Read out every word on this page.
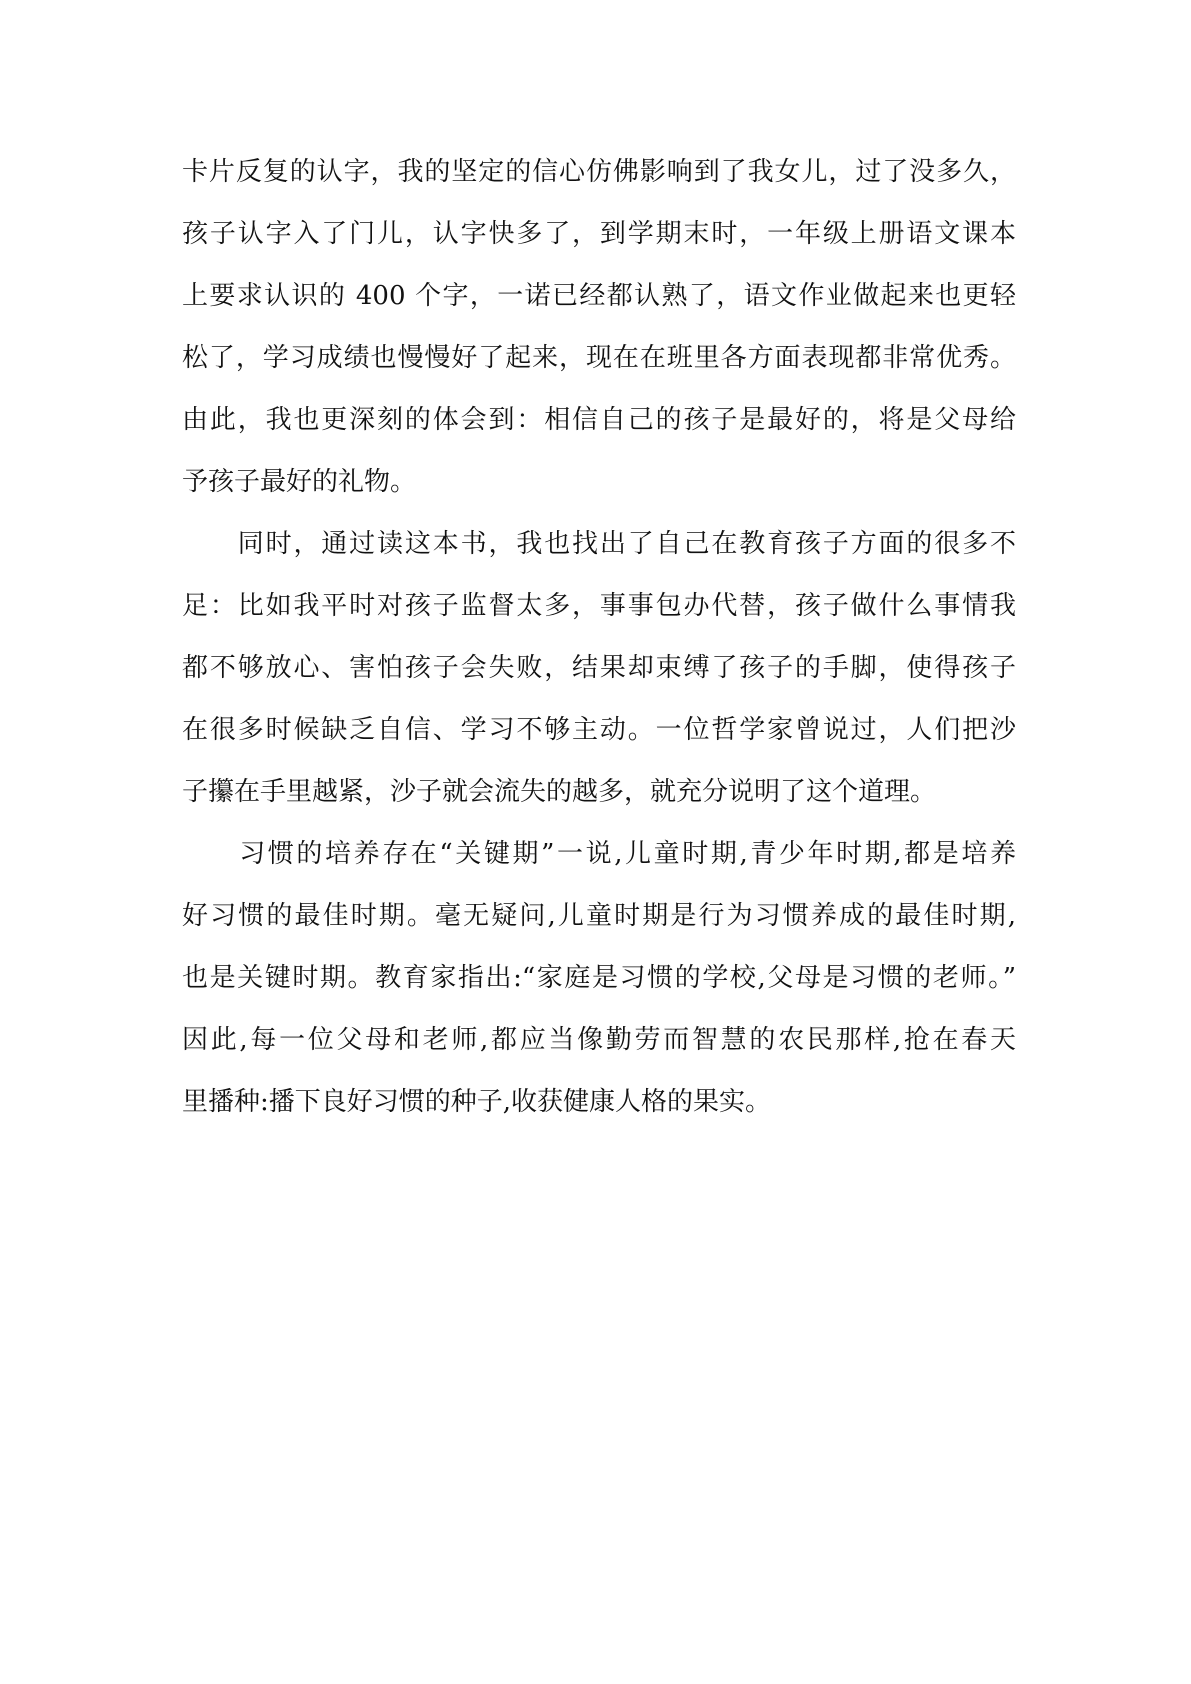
卡片反复的认字，我的坚定的信心仿佛影响到了我女儿，过了没多久，
孩子认字入了门儿，认字快多了，到学期末时，一年级上册语文课本
上要求认识的 400 个字，一诺已经都认熟了，语文作业做起来也更轻
松了，学习成绩也慢慢好了起来，现在在班里各方面表现都非常优秀。
由此，我也更深刻的体会到：相信自己的孩子是最好的，将是父母给
予孩子最好的礼物。

　　同时，通过读这本书，我也找出了自己在教育孩子方面的很多不
足：比如我平时对孩子监督太多，事事包办代替，孩子做什么事情我
都不够放心、害怕孩子会失败，结果却束缚了孩子的手脚，使得孩子
在很多时候缺乏自信、学习不够主动。一位哲学家曾说过，人们把沙
子攥在手里越紧，沙子就会流失的越多，就充分说明了这个道理。

　　习惯的培养存在“关键期”一说,儿童时期,青少年时期,都是培养
好习惯的最佳时期。毫无疑问,儿童时期是行为习惯养成的最佳时期,
也是关键时期。教育家指出:“家庭是习惯的学校,父母是习惯的老师。”
因此,每一位父母和老师,都应当像勤劳而智慧的农民那样,抢在春天
里播种:播下良好习惯的种子,收获健康人格的果实。
